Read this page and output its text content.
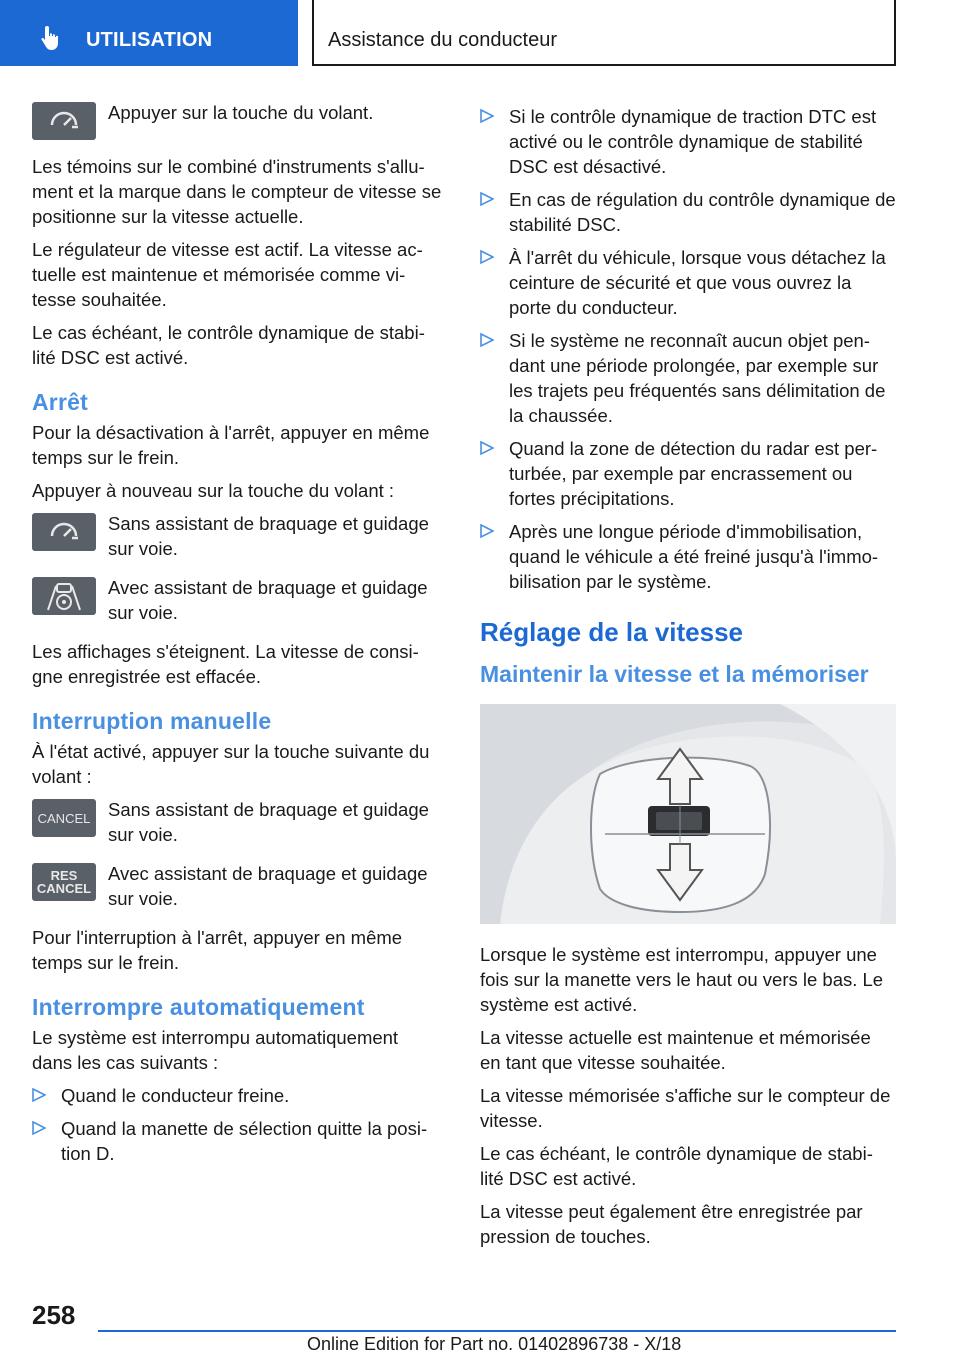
UTILISATION	Assistance du conducteur
Appuyer sur la touche du volant.

Les témoins sur le combiné d'instruments s'allu-ment et la marque dans le compteur de vitesse se positionne sur la vitesse actuelle.

Le régulateur de vitesse est actif. La vitesse ac-tuelle est maintenue et mémorisée comme vi-tesse souhaitée.

Le cas échéant, le contrôle dynamique de stabi-lité DSC est activé.

Arrêt

Pour la désactivation à l'arrêt, appuyer en même temps sur le frein.

Appuyer à nouveau sur la touche du volant :

Sans assistant de braquage et guidage sur voie.
Avec assistant de braquage et guidage sur voie.

Les affichages s'éteignent. La vitesse de consi-gne enregistrée est effacée.

Interruption manuelle

À l'état activé, appuyer sur la touche suivante du volant :

CANCEL Sans assistant de braquage et guidage sur voie.
RES
CANCEL
Avec assistant de braquage et guidage sur voie.

Pour l'interruption à l'arrêt, appuyer en même temps sur le frein.

Interrompre automatiquement

Le système est interrompu automatiquement dans les cas suivants :

Quand le conducteur freine.
Quand la manette de sélection quitte la posi-tion D.
Si le contrôle dynamique de traction DTC est activé ou le contrôle dynamique de stabilité DSC est désactivé.
En cas de régulation du contrôle dynamique de stabilité DSC.
À l'arrêt du véhicule, lorsque vous détachez la ceinture de sécurité et que vous ouvrez la porte du conducteur.
Si le système ne reconnaît aucun objet pen-dant une période prolongée, par exemple sur les trajets peu fréquentés sans délimitation de la chaussée.
Quand la zone de détection du radar est per-turbée, par exemple par encrassement ou fortes précipitations.
Après une longue période d'immobilisation, quand le véhicule a été freiné jusqu'à l'immo-bilisation par le système.
Réglage de la vitesse
Maintenir la vitesse et la mémoriser

Lorsque le système est interrompu, appuyer une fois sur la manette vers le haut ou vers le bas. Le système est activé.

La vitesse actuelle est maintenue et mémorisée en tant que vitesse souhaitée.

La vitesse mémorisée s'affiche sur le compteur de vitesse.

Le cas échéant, le contrôle dynamique de stabi-lité DSC est activé.

La vitesse peut également être enregistrée par pression de touches.

258
Online Edition for Part no. 01402896738 - X/18
